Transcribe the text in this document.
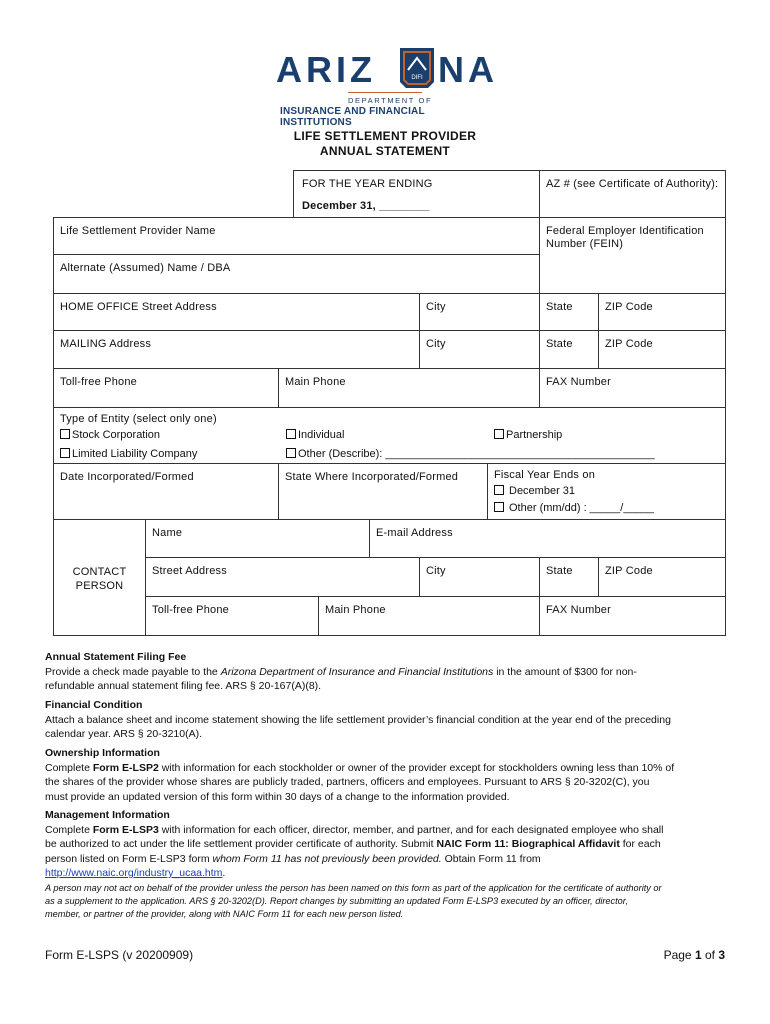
ARIZ	DIFI NA
DEPARTMENT OF
INSURANCE AND FINANCIAL INSTITUTIONS
LIFE SETTLEMENT PROVIDER
ANNUAL STATEMENT
FOR THE YEAR ENDING
December 31, ________
AZ # (see Certificate of Authority):
Life Settlement Provider Name	Federal Employer Identification Number (FEIN)
Alternate (Assumed) Name / DBA
HOME OFFICE Street Address	City	State	ZIP Code
MAILING Address	City	State	ZIP Code
Toll-free Phone	Main Phone	FAX Number
Type of Entity (select only one)
Stock Corporation	Individual	Partnership
Limited Liability Company	Other (Describe): ____________________________________________
Date Incorporated/Formed	State Where Incorporated/Formed	Fiscal Year Ends on
December 31
Other (mm/dd) : _____/_____
CONTACT
PERSON
Name	E-mail Address
Street Address	City	State	ZIP Code
Toll-free Phone	Main Phone	FAX Number
Annual Statement Filing Fee
Provide a check made payable to the Arizona Department of Insurance and Financial Institutions in the amount of $300 for non-
refundable annual statement filing fee. ARS § 20-167(A)(8).
Financial Condition
Attach a balance sheet and income statement showing the life settlement provider’s financial condition at the year end of the preceding
calendar year. ARS § 20-3210(A).
Ownership Information
Complete Form E-LSP2 with information for each stockholder or owner of the provider except for stockholders owning less than 10% of
the shares of the provider whose shares are publicly traded, partners, officers and employees. Pursuant to ARS § 20-3202(C), you
must provide an updated version of this form within 30 days of a change to the information provided.
Management Information
Complete Form E-LSP3 with information for each officer, director, member, and partner, and for each designated employee who shall
be authorized to act under the life settlement provider certificate of authority. Submit NAIC Form 11: Biographical Affidavit for each
person listed on Form E-LSP3 form whom Form 11 has not previously been provided. Obtain Form 11 from
http://www.naic.org/industry_ucaa.htm.
A person may not act on behalf of the provider unless the person has been named on this form as part of the application for the certificate of authority or
as a supplement to the application. ARS § 20-3202(D). Report changes by submitting an updated Form E-LSP3 executed by an officer, director,
member, or partner of the provider, along with NAIC Form 11 for each new person listed.
Form E-LSPS (v 20200909)	Page 1 of 3
